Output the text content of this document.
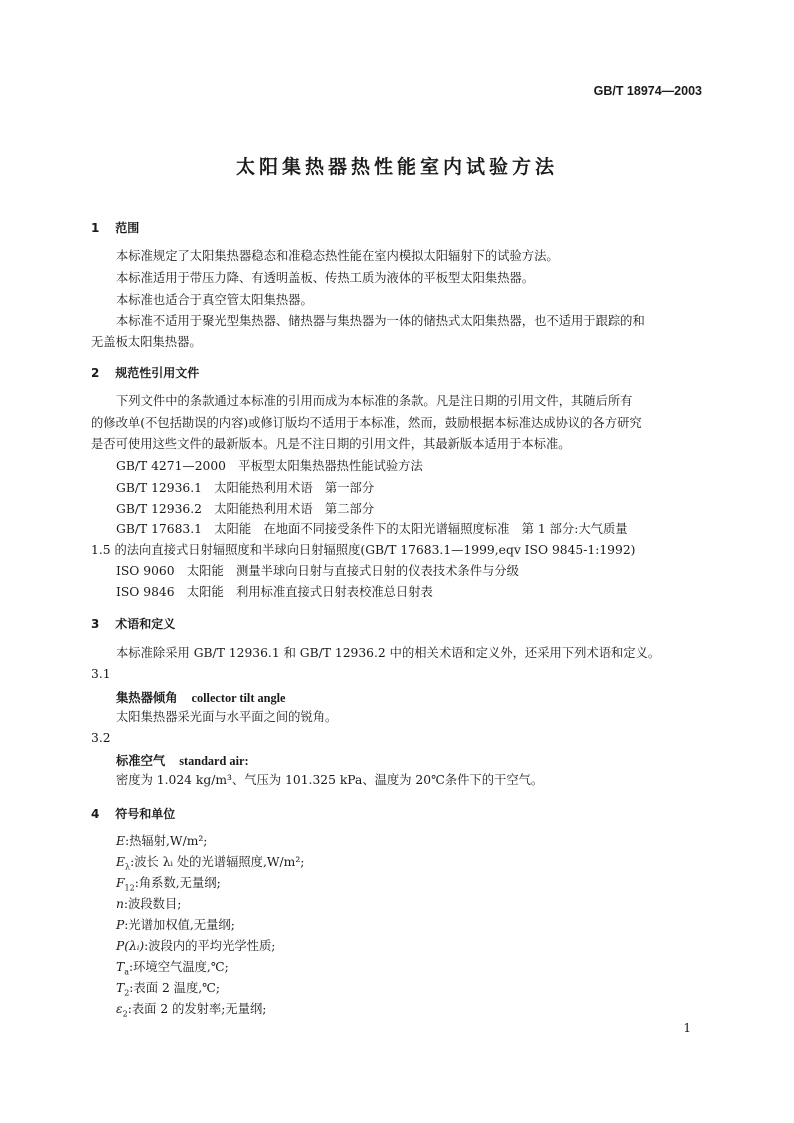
GB/T 18974—2003
太阳集热器热性能室内试验方法
1 范围
本标准规定了太阳集热器稳态和准稳态热性能在室内模拟太阳辐射下的试验方法。
本标准适用于带压力降、有透明盖板、传热工质为液体的平板型太阳集热器。
本标准也适合于真空管太阳集热器。
本标准不适用于聚光型集热器、储热器与集热器为一体的储热式太阳集热器，也不适用于跟踪的和
无盖板太阳集热器。
2 规范性引用文件
下列文件中的条款通过本标准的引用而成为本标准的条款。凡是注日期的引用文件，其随后所有
的修改单(不包括勘误的内容)或修订版均不适用于本标准，然而，鼓励根据本标准达成协议的各方研究
是否可使用这些文件的最新版本。凡是不注日期的引用文件，其最新版本适用于本标准。
GB/T 4271—2000　平板型太阳集热器热性能试验方法
GB/T 12936.1　太阳能热利用术语　第一部分
GB/T 12936.2　太阳能热利用术语　第二部分
GB/T 17683.1　太阳能　在地面不同接受条件下的太阳光谱辐照度标准　第 1 部分:大气质量
1.5 的法向直接式日射辐照度和半球向日射辐照度(GB/T 17683.1—1999,eqv ISO 9845-1:1992)
ISO 9060　太阳能　测量半球向日射与直接式日射的仪表技术条件与分级
ISO 9846　太阳能　利用标准直接式日射表校准总日射表
3 术语和定义
本标准除采用 GB/T 12936.1 和 GB/T 12936.2 中的相关术语和定义外，还采用下列术语和定义。
3.1
集热器倾角 collector tilt angle
太阳集热器采光面与水平面之间的锐角。
3.2
标准空气 standard air:
密度为 1.024 kg/m³、气压为 101.325 kPa、温度为 20℃条件下的干空气。
4 符号和单位
E:热辐射,W/m²;
$E_\lambda$:波长 λᵢ 处的光谱辐照度,W/m²;
$F_{12}$:角系数,无量纲;
n:波段数目;
P:光谱加权值,无量纲;
P(λᵢ):波段内的平均光学性质;
$T_a$:环境空气温度,℃;
$T_2$:表面 2 温度,℃;
$\varepsilon_2$:表面 2 的发射率;无量纲;
1
